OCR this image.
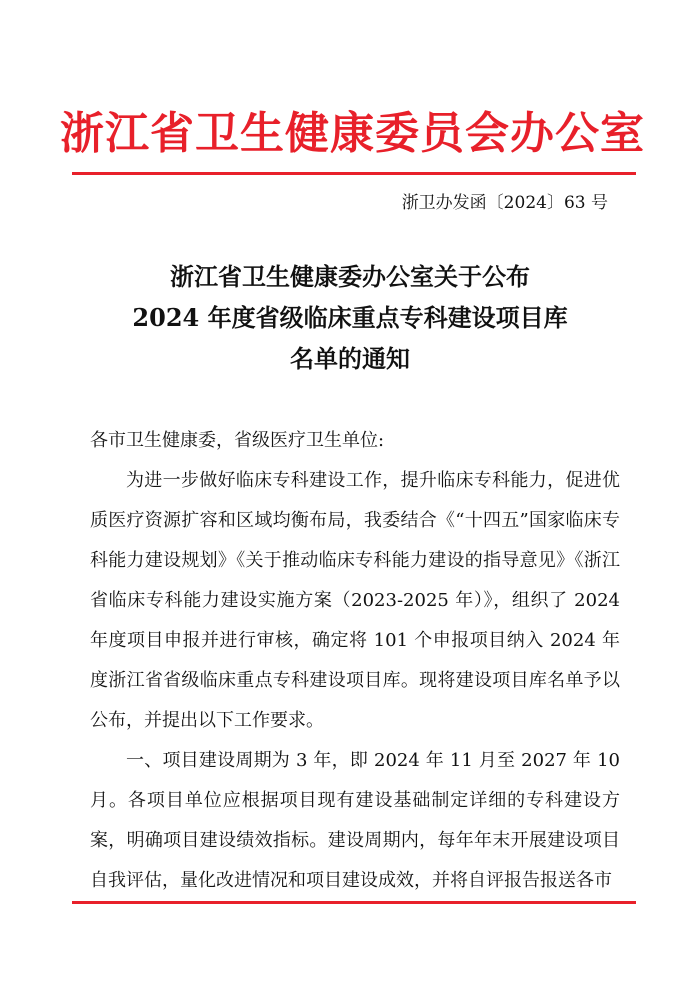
浙江省卫生健康委员会办公室
浙卫办发函〔2024〕63 号
浙江省卫生健康委办公室关于公布
2024 年度省级临床重点专科建设项目库
名单的通知

各市卫生健康委，省级医疗卫生单位:

为进一步做好临床专科建设工作，提升临床专科能力，促进优质医疗资源扩容和区域均衡布局，我委结合《“十四五”国家临床专科能力建设规划》《关于推动临床专科能力建设的指导意见》《浙江省临床专科能力建设实施方案（2023-2025 年）》，组织了 2024 年度项目申报并进行审核，确定将 101 个申报项目纳入 2024 年度浙江省省级临床重点专科建设项目库。现将建设项目库名单予以公布，并提出以下工作要求。

一、项目建设周期为 3 年，即 2024 年 11 月至 2027 年 10 月。各项目单位应根据项目现有建设基础制定详细的专科建设方案，明确项目建设绩效指标。建设周期内，每年年末开展建设项目自我评估，量化改进情况和项目建设成效，并将自评报告报送各市
